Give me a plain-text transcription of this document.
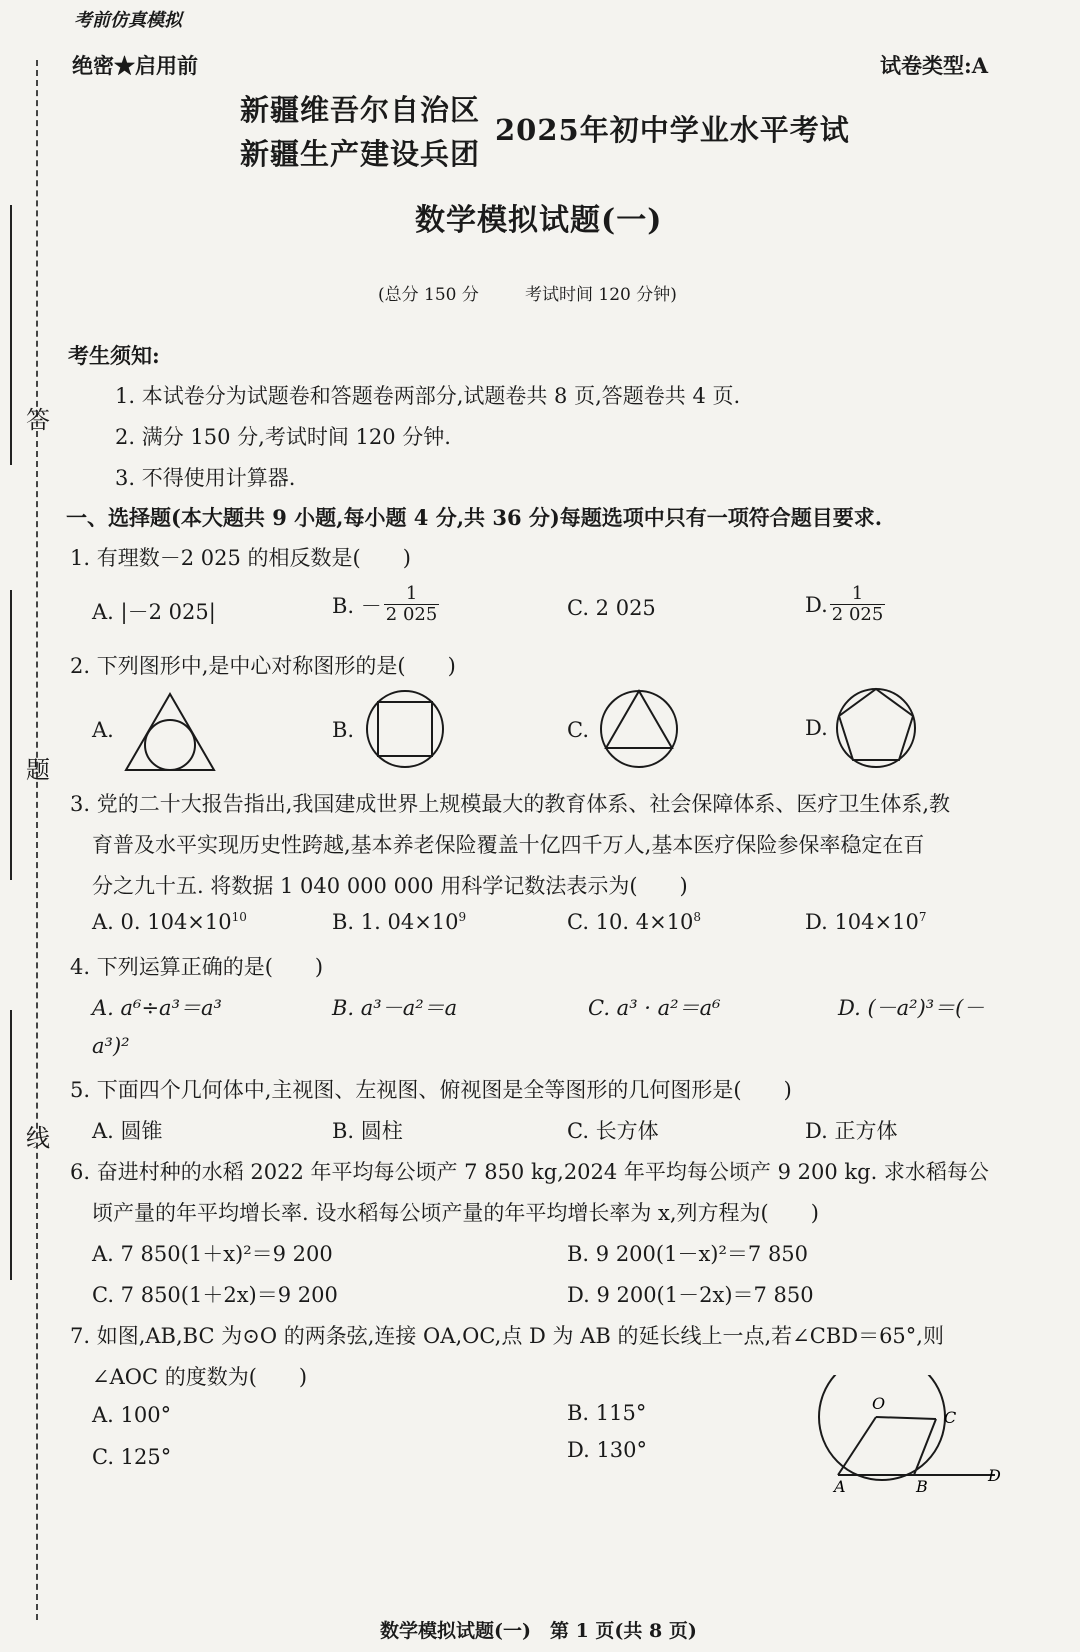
答
题
线
考前仿真模拟
绝密★启用前	试卷类型:A
新疆维吾尔自治区
新疆生产建设兵团
2025年初中学业水平考试
数学模拟试题(一)
(总分 150 分	考试时间 120 分钟)
考生须知:
1. 本试卷分为试题卷和答题卷两部分,试题卷共 8 页,答题卷共 4 页.
2. 满分 150 分,考试时间 120 分钟.
3. 不得使用计算器.
一、选择题(本大题共 9 小题,每小题 4 分,共 36 分)每题选项中只有一项符合题目要求.
1. 有理数－2 025 的相反数是(　　)
A. |－2 025|	B. － $\frac{1}{2 025}$	C. 2 025	D. $\frac{1}{2 025}$
2. 下列图形中,是中心对称图形的是(　　)
A.	B.	C.	D.
3. 党的二十大报告指出,我国建成世界上规模最大的教育体系、社会保障体系、医疗卫生体系,教
育普及水平实现历史性跨越,基本养老保险覆盖十亿四千万人,基本医疗保险参保率稳定在百
分之九十五. 将数据 1 040 000 000 用科学记数法表示为(　　)
A. 0. $104\times 10^{10}$	B. 1. $04\times 10^9$	C. 10. $4\times 10^8$	D. $104\times 10^7$
4. 下列运算正确的是(　　)
A. a⁶÷a³＝a³	B. a³－a²＝a	C. a³ · a²＝a⁶	D. (－a²)³＝(－
a³)²
5. 下面四个几何体中,主视图、左视图、俯视图是全等图形的几何图形是(　　)
A. 圆锥	B. 圆柱	C. 长方体	D. 正方体
6. 奋进村种的水稻 2022 年平均每公顷产 7 850 kg,2024 年平均每公顷产 9 200 kg. 求水稻每公
顷产量的年平均增长率. 设水稻每公顷产量的年平均增长率为 x,列方程为(　　)
A. 7 850(1＋x)²＝9 200	B. 9 200(1－x)²＝7 850
C. 7 850(1＋2x)＝9 200	D. 9 200(1－2x)＝7 850
7. 如图,AB,BC 为⊙O 的两条弦,连接 OA,OC,点 D 为 AB 的延长线上一点,若∠CBD＝65°,则
∠AOC 的度数为(　　)
A. 100°	B. 115°
C. 125°	D. 130°
O
C
A	B
D
数学模拟试题(一)　第 1 页(共 8 页)
